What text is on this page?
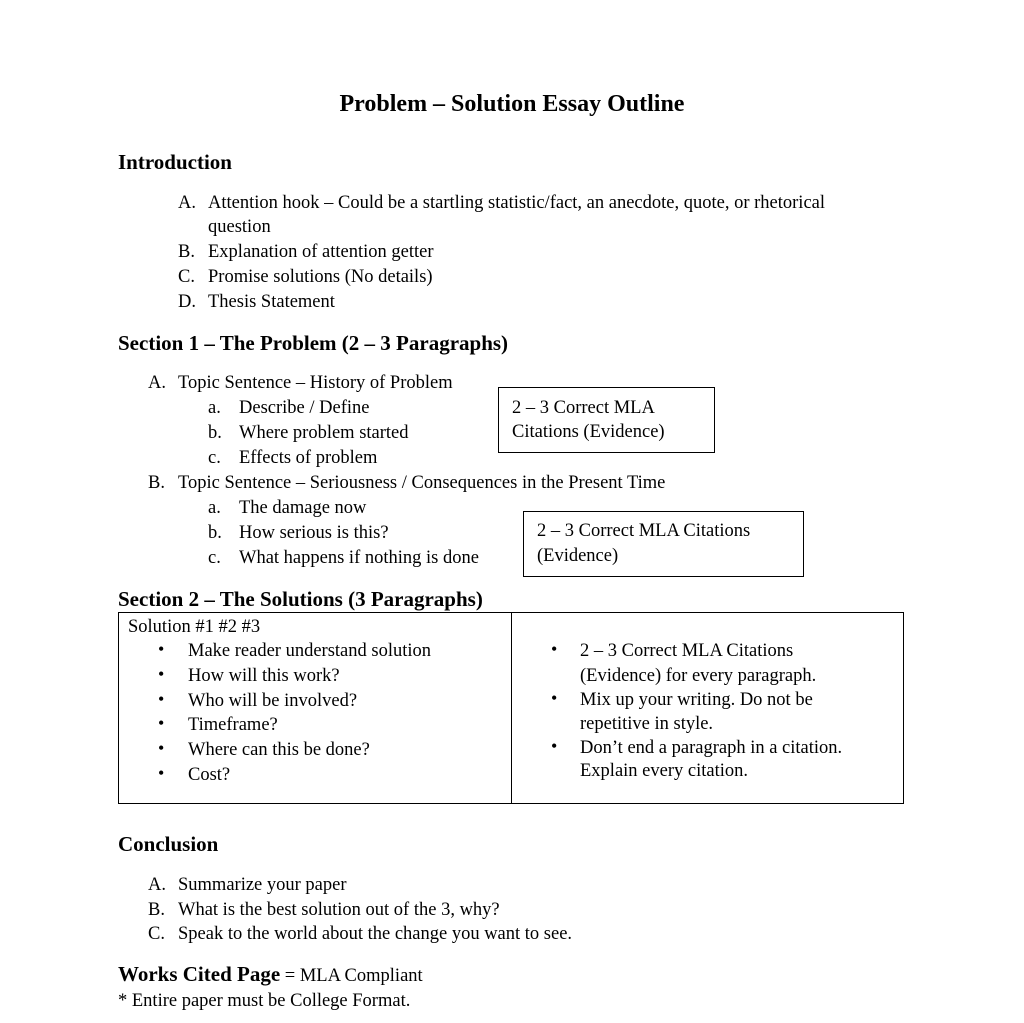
Problem – Solution Essay Outline
Introduction
A. Attention hook – Could be a startling statistic/fact, an anecdote, quote, or rhetorical
question
B. Explanation of attention getter
C. Promise solutions (No details)
D. Thesis Statement
Section 1 – The Problem (2 – 3 Paragraphs)
A. Topic Sentence – History of Problem
a. Describe / Define
b. Where problem started
c. Effects of problem
2 – 3 Correct MLA
Citations (Evidence)
B. Topic Sentence – Seriousness / Consequences in the Present Time
a. The damage now
b. How serious is this?
c. What happens if nothing is done
2 – 3 Correct MLA Citations
(Evidence)
Section 2 – The Solutions (3 Paragraphs)
Solution #1 #2 #3
• Make reader understand solution
• How will this work?
• Who will be involved?
• Timeframe?
• Where can this be done?
• Cost?
• 2 – 3 Correct MLA Citations
(Evidence) for every paragraph.
• Mix up your writing. Do not be
repetitive in style.
• Don’t end a paragraph in a citation.
Explain every citation.
Conclusion
A. Summarize your paper
B. What is the best solution out of the 3, why?
C. Speak to the world about the change you want to see.
Works Cited Page = MLA Compliant
* Entire paper must be College Format.
